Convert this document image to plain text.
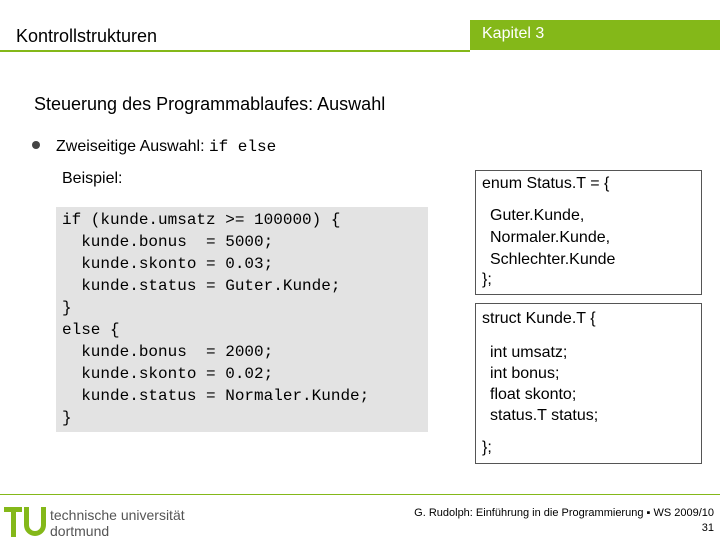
Kontrollstrukturen	Kapitel 3
Steuerung des Programmablaufes: Auswahl
Zweiseitige Auswahl: if else
Beispiel:
if (kunde.umsatz >= 100000) {
kunde.bonus  = 5000;
kunde.skonto = 0.03;
kunde.status = Guter.Kunde;
}
else {
kunde.bonus  = 2000;
kunde.skonto = 0.02;
kunde.status = Normaler.Kunde;
}
enum Status.T = {
Guter.Kunde,
Normaler.Kunde,
Schlechter.Kunde
};
struct Kunde.T {
int umsatz;
int bonus;
float skonto;
status.T status;
};
technische universität
dortmund
G. Rudolph: Einführung in die Programmierung ▪ WS 2009/10
31
